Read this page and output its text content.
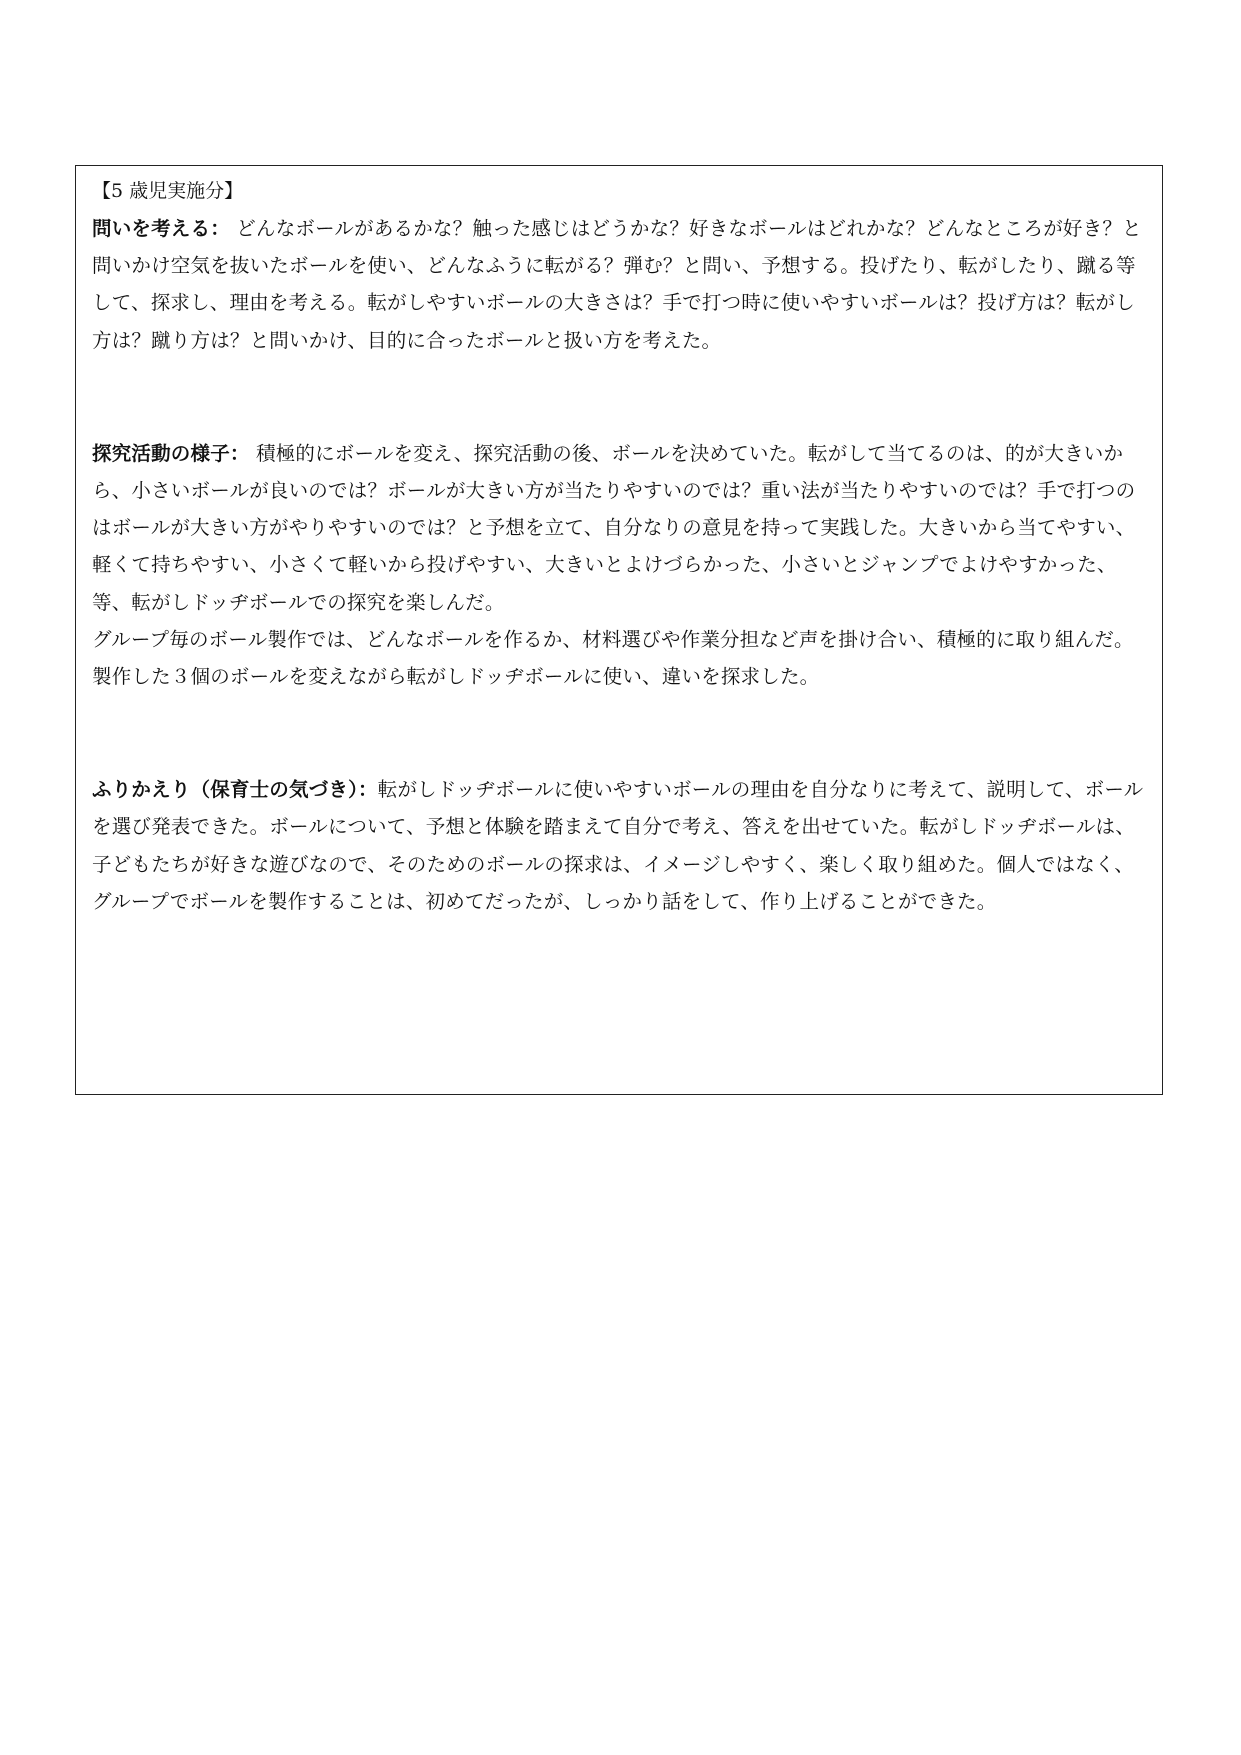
【5 歳児実施分】

問いを考える： どんなボールがあるかな？触った感じはどうかな？好きなボールはどれかな？どんなところが好き？と問いかけ空気を抜いたボールを使い、どんなふうに転がる？弾む？と問い、予想する。投げたり、転がしたり、蹴る等して、探求し、理由を考える。転がしやすいボールの大きさは？手で打つ時に使いやすいボールは？投げ方は？転がし方は？蹴り方は？と問いかけ、目的に合ったボールと扱い方を考えた。

探究活動の様子： 積極的にボールを変え、探究活動の後、ボールを決めていた。転がして当てるのは、的が大きいから、小さいボールが良いのでは？ボールが大きい方が当たりやすいのでは？重い法が当たりやすいのでは？手で打つのはボールが大きい方がやりやすいのでは？と予想を立て、自分なりの意見を持って実践した。大きいから当てやすい、軽くて持ちやすい、小さくて軽いから投げやすい、大きいとよけづらかった、小さいとジャンプでよけやすかった、等、転がしドッヂボールでの探究を楽しんだ。

グループ毎のボール製作では、どんなボールを作るか、材料選びや作業分担など声を掛け合い、積極的に取り組んだ。製作した３個のボールを変えながら転がしドッヂボールに使い、違いを探求した。

ふりかえり（保育士の気づき）：転がしドッヂボールに使いやすいボールの理由を自分なりに考えて、説明して、ボールを選び発表できた。ボールについて、予想と体験を踏まえて自分で考え、答えを出せていた。転がしドッヂボールは、子どもたちが好きな遊びなので、そのためのボールの探求は、イメージしやすく、楽しく取り組めた。個人ではなく、グループでボールを製作することは、初めてだったが、しっかり話をして、作り上げることができた。
